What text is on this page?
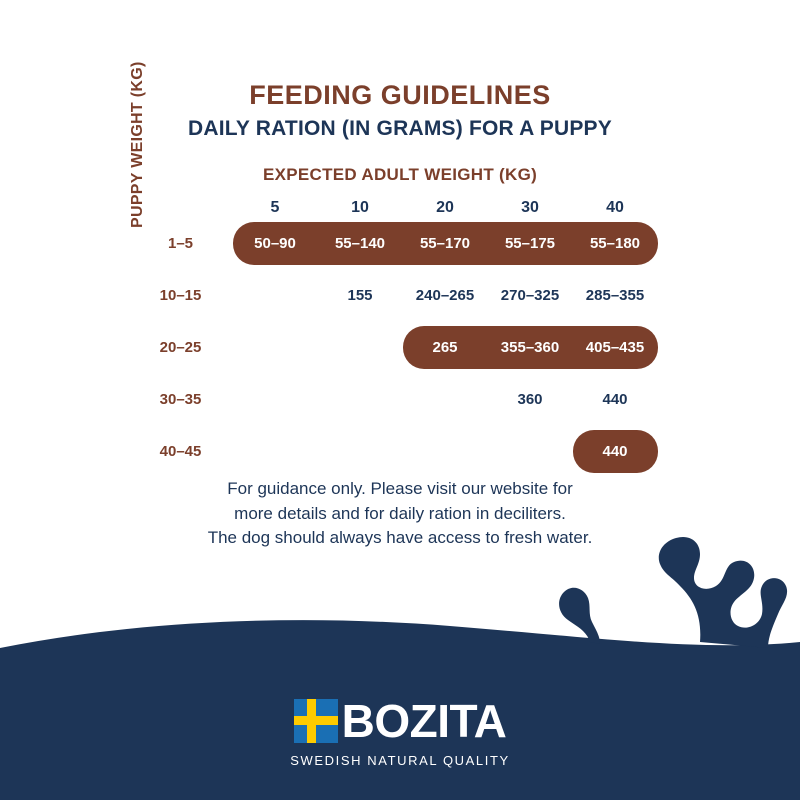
FEEDING GUIDELINES
DAILY RATION (IN GRAMS) FOR A PUPPY
EXPECTED ADULT WEIGHT (KG)
	5	10	20	30	40
1–5	50–90	55–140	55–170	55–175	55–180

10–15		155	240–265	270–325	285–355

20–25			265	355–360	405–435

30–35				360	440

40–45					440
PUPPY WEIGHT (KG)
For guidance only. Please visit our website for
more details and for daily ration in deciliters.
The dog should always have access to fresh water.
BOZITA
SWEDISH NATURAL QUALITY
